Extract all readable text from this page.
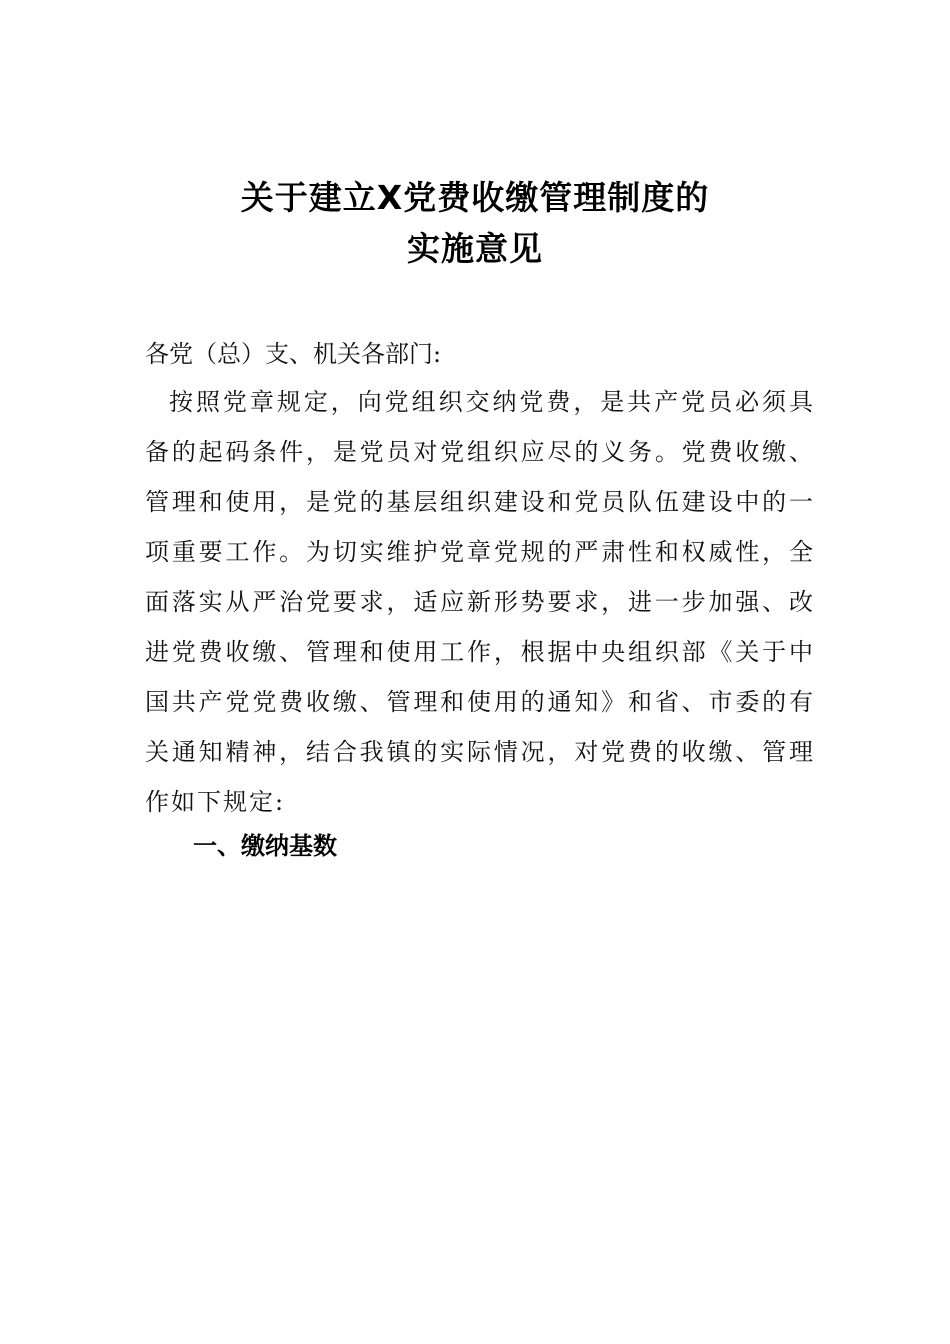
关于建立X党费收缴管理制度的
实施意见
各党（总）支、机关各部门:
按照党章规定，向党组织交纳党费，是共产党员必须具备的起码条件，是党员对党组织应尽的义务。党费收缴、管理和使用，是党的基层组织建设和党员队伍建设中的一项重要工作。为切实维护党章党规的严肃性和权威性，全面落实从严治党要求，适应新形势要求，进一步加强、改进党费收缴、管理和使用工作，根据中央组织部《关于中国共产党党费收缴、管理和使用的通知》和省、市委的有关通知精神，结合我镇的实际情况，对党费的收缴、管理作如下规定:
一、缴纳基数
